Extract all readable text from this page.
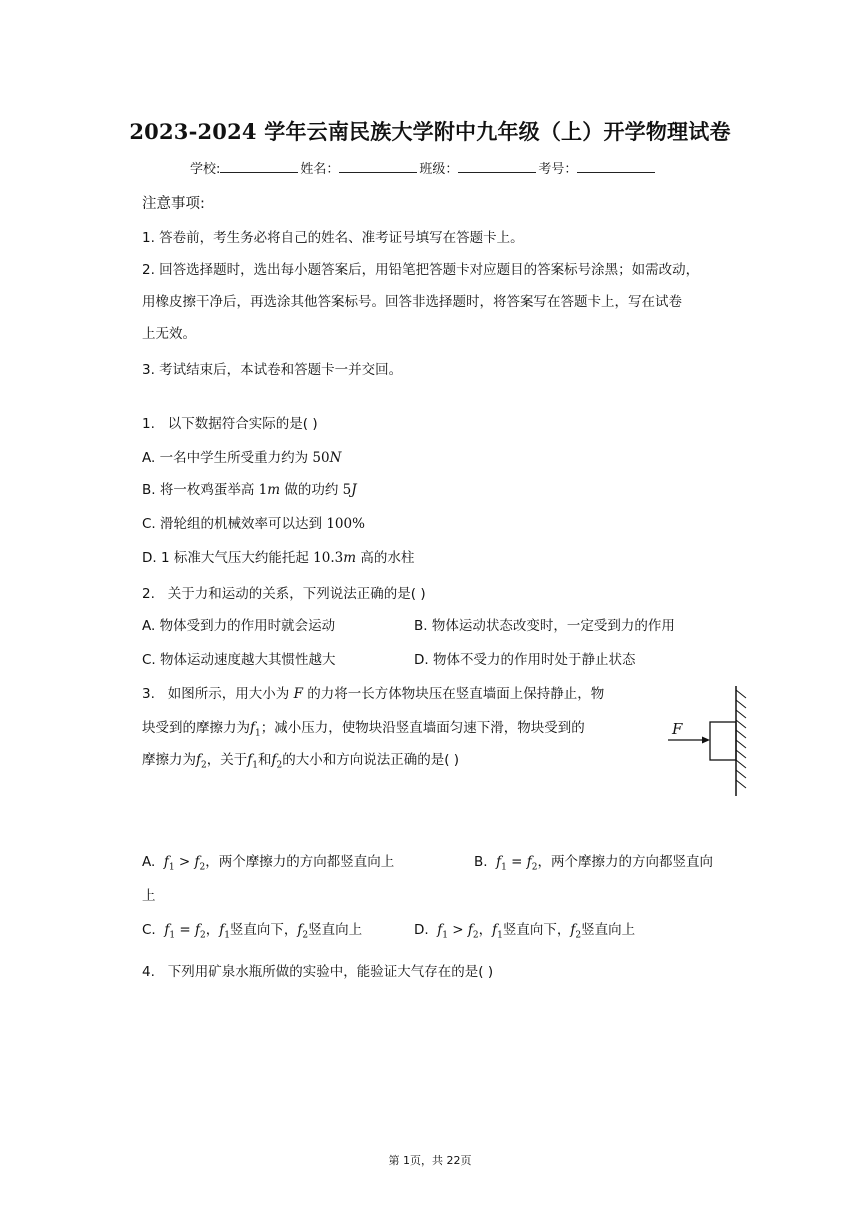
2023-2024 学年云南民族大学附中九年级（上）开学物理试卷
学校:	姓名：	班级：	考号：
注意事项:
1. 答卷前，考生务必将自己的姓名、准考证号填写在答题卡上。
2. 回答选择题时，选出每小题答案后，用铅笔把答题卡对应题目的答案标号涂黑；如需改动，
用橡皮擦干净后，再选涂其他答案标号。回答非选择题时，将答案写在答题卡上，写在试卷
上无效。
3. 考试结束后，本试卷和答题卡一并交回。
1. 以下数据符合实际的是( )
A. 一名中学生所受重力约为 50N
B. 将一枚鸡蛋举高 1m 做的功约 5J
C. 滑轮组的机械效率可以达到 100%
D. 1 标准大气压大约能托起 10.3m 高的水柱
2. 关于力和运动的关系，下列说法正确的是( )
A. 物体受到力的作用时就会运动	B. 物体运动状态改变时，一定受到力的作用
C. 物体运动速度越大其惯性越大	D. 物体不受力的作用时处于静止状态
3. 如图所示，用大小为 F 的力将一长方体物块压在竖直墙面上保持静止，物
块受到的摩擦力为$f_1$；减小压力，使物块沿竖直墙面匀速下滑，物块受到的
摩擦力为$f_2$，关于$f_1$和$f_2$的大小和方向说法正确的是( )
F
A.  $f_1 > f_2$，两个摩擦力的方向都竖直向上	B.  $f_1 = f_2$，两个摩擦力的方向都竖直向
上
C.  $f_1 = f_2$，$f_1$竖直向下，$f_2$竖直向上	D.  $f_1 > f_2$，$f_1$竖直向下，$f_2$竖直向上
4. 下列用矿泉水瓶所做的实验中，能验证大气存在的是( )
第 1页，共 22页
